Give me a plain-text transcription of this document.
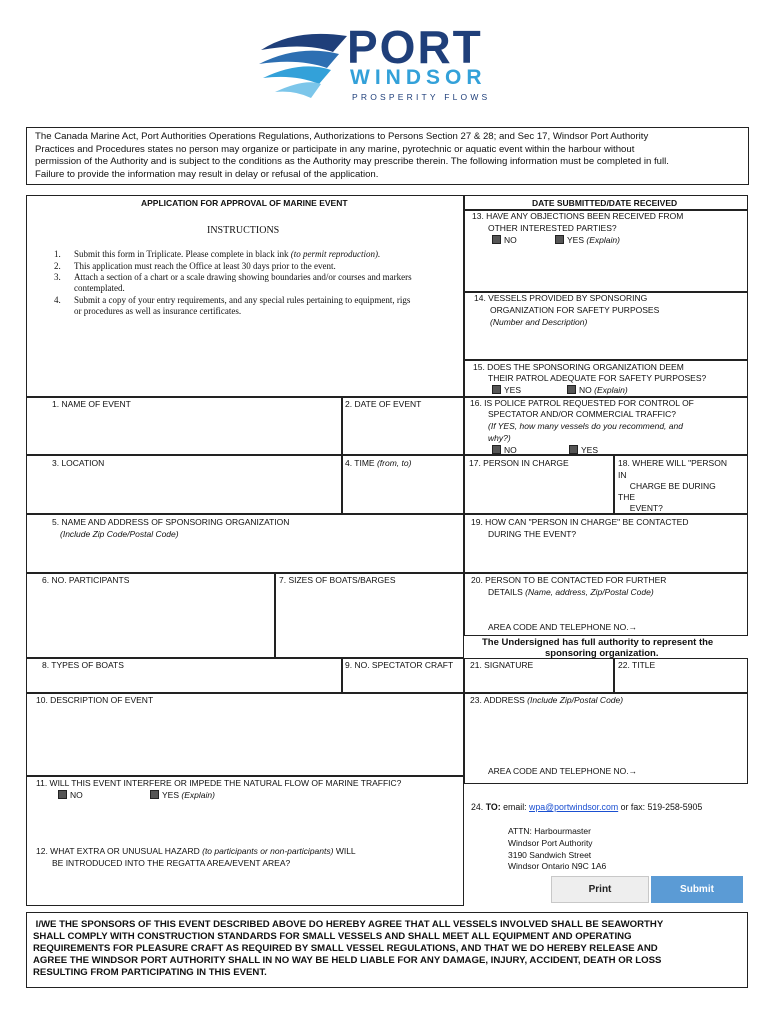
PORT
WINDSOR
PROSPERITY FLOWS
The Canada Marine Act, Port Authorities Operations Regulations, Authorizations to Persons Section 27 & 28; and Sec 17, Windsor Port Authority
Practices and Procedures states no person may organize or participate in any marine, pyrotechnic or aquatic event within the harbour without
permission of the Authority and is subject to the conditions as the Authority may prescribe therein. The following information must be completed in full.
Failure to provide the information may result in delay or refusal of the application.
APPLICATION FOR APPROVAL OF MARINE EVENT
INSTRUCTIONS
1. Submit this form in Triplicate. Please complete in black ink (to permit reproduction).
2. This application must reach the Office at least 30 days prior to the event.
3. Attach a section of a chart or a scale drawing showing boundaries and/or courses and markers
contemplated.
4. Submit a copy of your entry requirements, and any special rules pertaining to equipment, rigs
or procedures as well as insurance certificates.
1. NAME OF EVENT	2. DATE OF EVENT
3. LOCATION	4. TIME (from, to)
5. NAME AND ADDRESS OF SPONSORING ORGANIZATION
(Include Zip Code/Postal Code)
6. NO. PARTICIPANTS	7. SIZES OF BOATS/BARGES
8. TYPES OF BOATS	9. NO. SPECTATOR CRAFT
10. DESCRIPTION OF EVENT
11. WILL THIS EVENT INTERFERE OR IMPEDE THE NATURAL FLOW OF MARINE TRAFFIC?
NO	YES (Explain)
12. WHAT EXTRA OR UNUSUAL HAZARD (to participants or non-participants) WILL
BE INTRODUCED INTO THE REGATTA AREA/EVENT AREA?
DATE SUBMITTED/DATE RECEIVED
13. HAVE ANY OBJECTIONS BEEN RECEIVED FROM
OTHER INTERESTED PARTIES?
NO	YES (Explain)
14. VESSELS PROVIDED BY SPONSORING
ORGANIZATION FOR SAFETY PURPOSES
(Number and Description)
15. DOES THE SPONSORING ORGANIZATION DEEM
THEIR PATROL ADEQUATE FOR SAFETY PURPOSES?
YES	NO (Explain)
16. IS POLICE PATROL REQUESTED FOR CONTROL OF
SPECTATOR AND/OR COMMERCIAL TRAFFIC?
(If YES, how many vessels do you recommend, and
why?)
NO	YES
17. PERSON IN CHARGE	18. WHERE WILL "PERSON
IN
CHARGE BE DURING
THE
EVENT?
19. HOW CAN "PERSON IN CHARGE" BE CONTACTED
DURING THE EVENT?
20. PERSON TO BE CONTACTED FOR FURTHER
DETAILS (Name, address, Zip/Postal Code)
AREA CODE AND TELEPHONE NO.→
The Undersigned has full authority to represent the
sponsoring organization.
21. SIGNATURE	22. TITLE
23. ADDRESS (Include Zip/Postal Code)
AREA CODE AND TELEPHONE NO.→
24. TO: email: wpa@portwindsor.com or fax: 519-258-5905
ATTN: Harbourmaster
Windsor Port Authority
3190 Sandwich Street
Windsor Ontario N9C 1A6
Print	Submit
I/WE THE SPONSORS OF THIS EVENT DESCRIBED ABOVE DO HEREBY AGREE THAT ALL VESSELS INVOLVED SHALL BE SEAWORTHY
SHALL COMPLY WITH CONSTRUCTION STANDARDS FOR SMALL VESSELS AND SHALL MEET ALL EQUIPMENT AND OPERATING
REQUIREMENTS FOR PLEASURE CRAFT AS REQUIRED BY SMALL VESSEL REGULATIONS, AND THAT WE DO HEREBY RELEASE AND
AGREE THE WINDSOR PORT AUTHORITY SHALL IN NO WAY BE HELD LIABLE FOR ANY DAMAGE, INJURY, ACCIDENT, DEATH OR LOSS
RESULTING FROM PARTICIPATING IN THIS EVENT.
